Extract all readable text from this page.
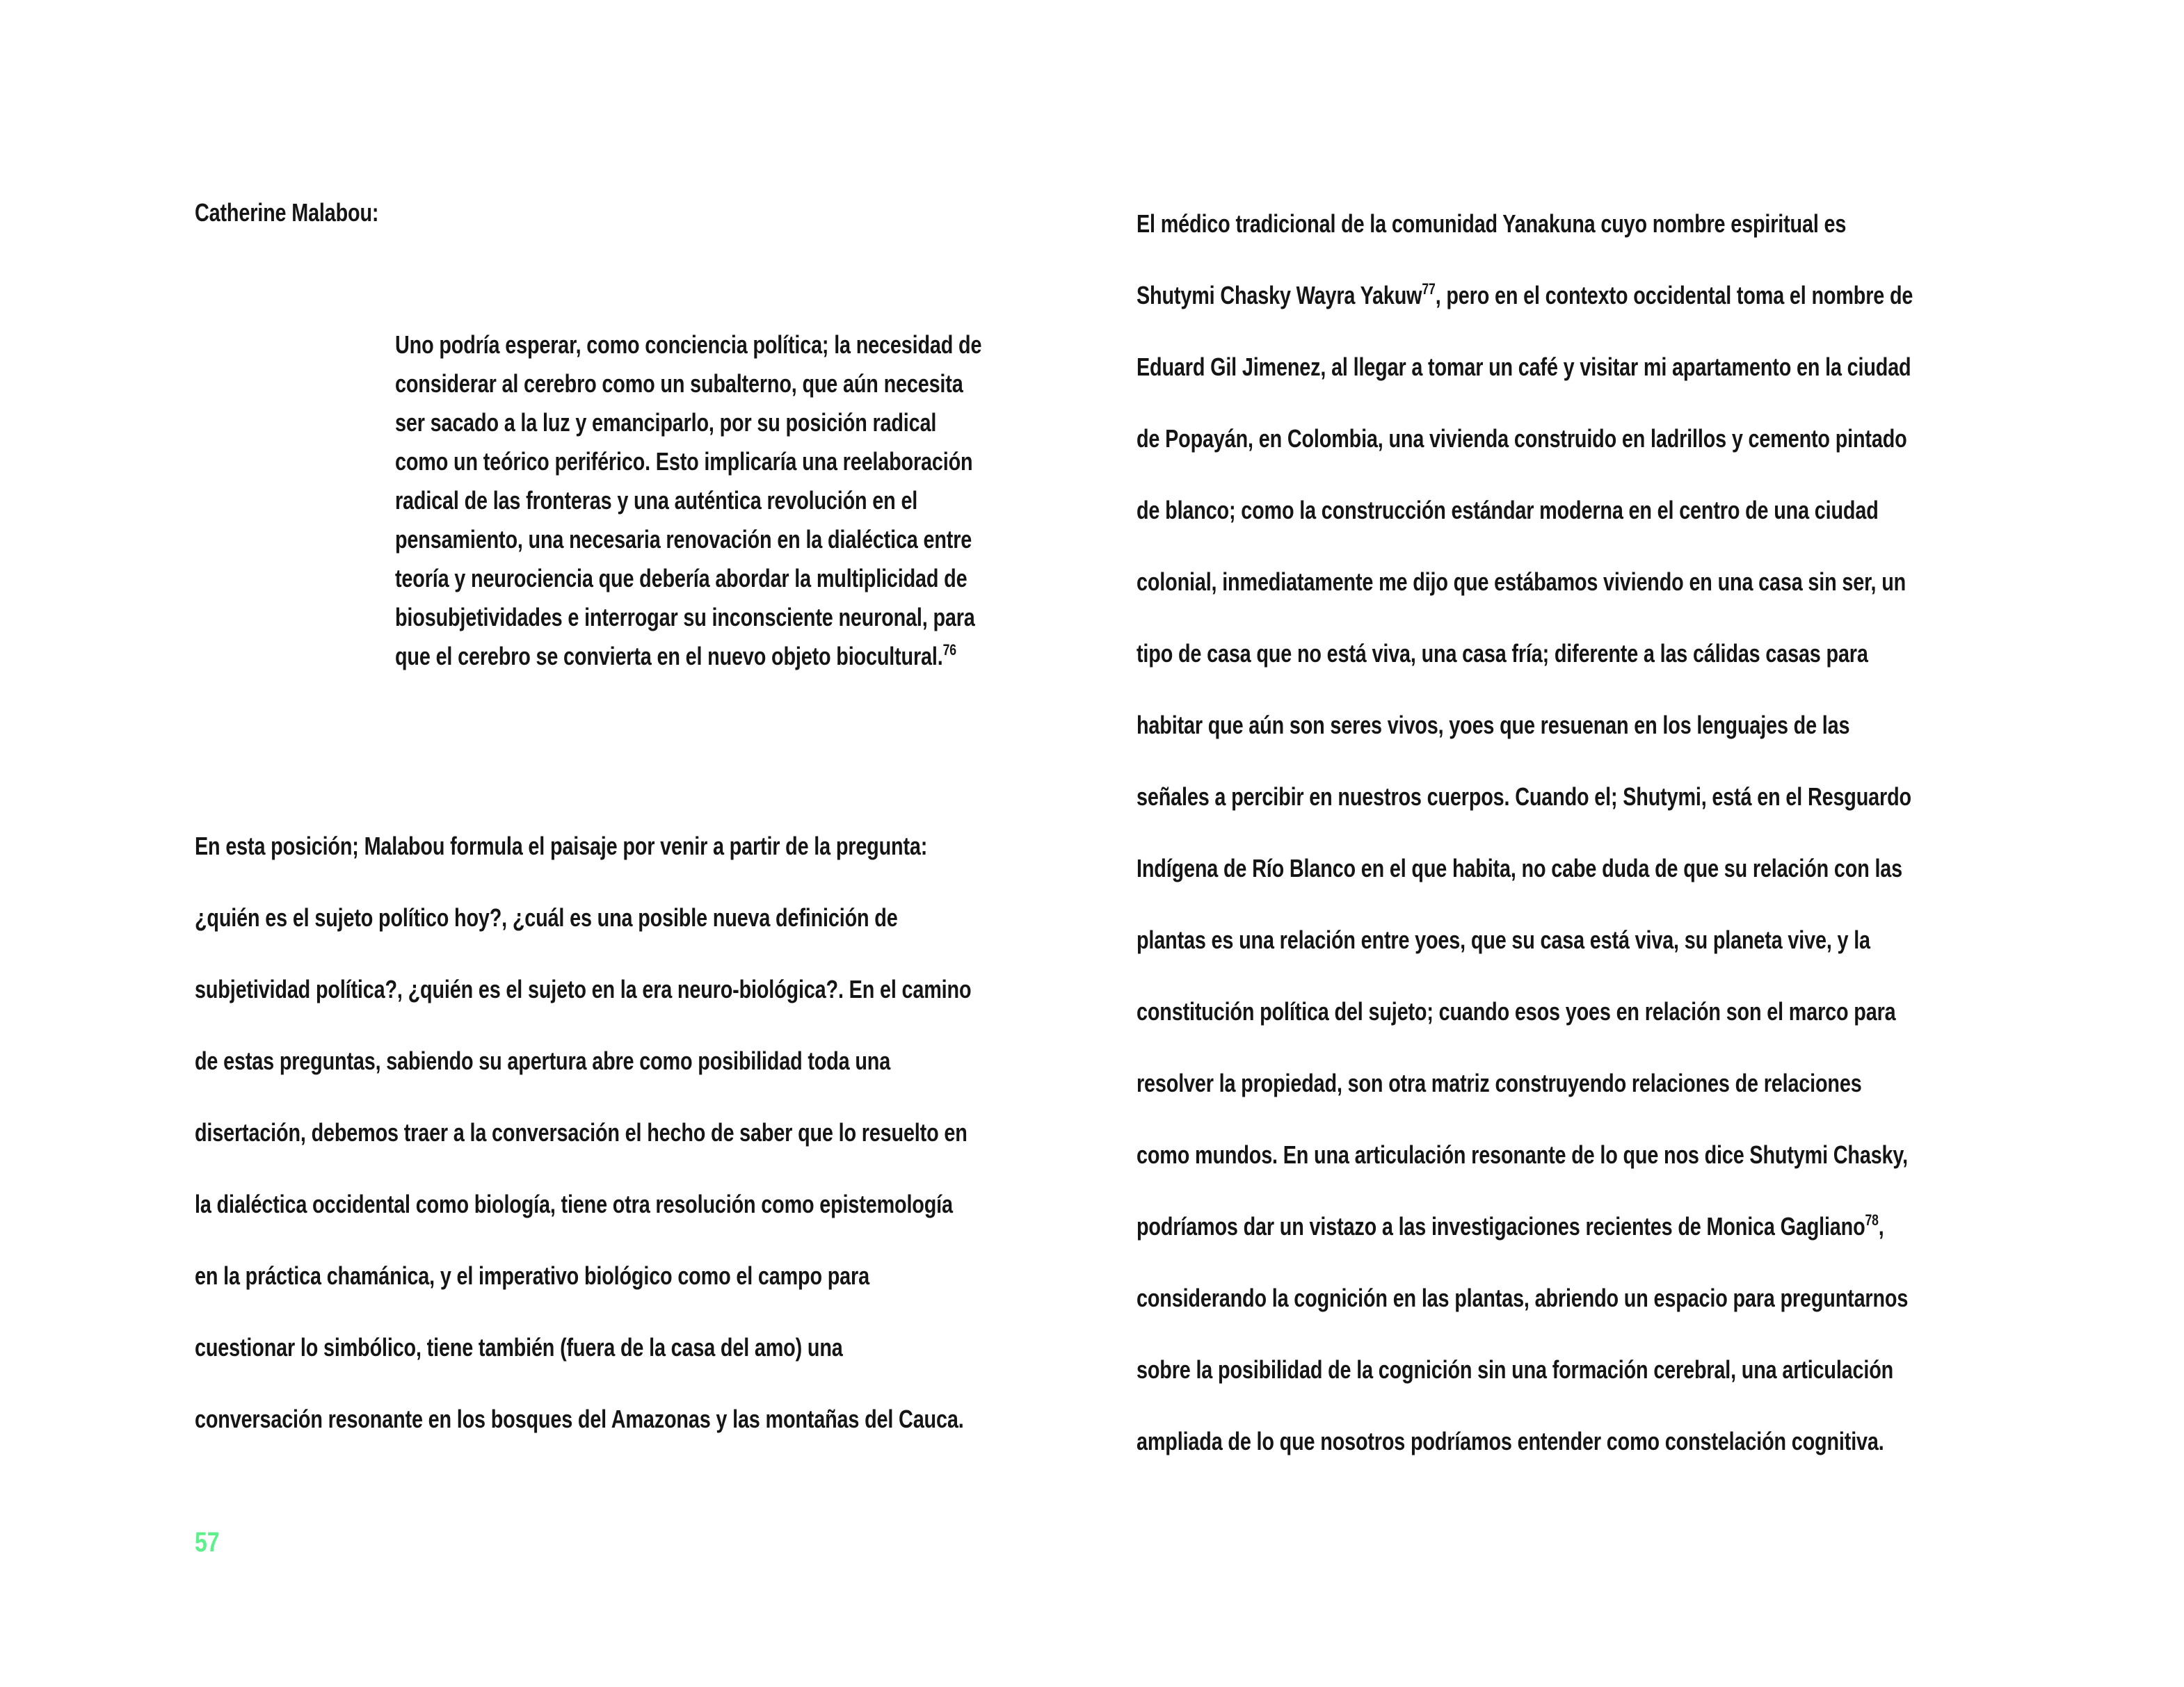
Catherine Malabou:

Uno podría esperar, como conciencia política; la necesidad de
considerar al cerebro como un subalterno, que aún necesita
ser sacado a la luz y emanciparlo, por su posición radical
como un teórico periférico. Esto implicaría una reelaboración
radical de las fronteras y una auténtica revolución en el
pensamiento, una necesaria renovación en la dialéctica entre
teoría y neurociencia que debería abordar la multiplicidad de
biosubjetividades e interrogar su inconsciente neuronal, para
que el cerebro se convierta en el nuevo objeto biocultural.$^{76}$
En esta posición; Malabou formula el paisaje por venir a partir de la pregunta:
¿quién es el sujeto político hoy?, ¿cuál es una posible nueva definición de
subjetividad política?, ¿quién es el sujeto en la era neuro-biológica?. En el camino
de estas preguntas, sabiendo su apertura abre como posibilidad toda una
disertación, debemos traer a la conversación el hecho de saber que lo resuelto en
la dialéctica occidental como biología, tiene otra resolución como epistemología
en la práctica chamánica, y el imperativo biológico como el campo para
cuestionar lo simbólico, tiene también (fuera de la casa del amo) una
conversación resonante en los bosques del Amazonas y las montañas del Cauca.
57
El médico tradicional de la comunidad Yanakuna cuyo nombre espiritual es
Shutymi Chasky Wayra Yakuw$^{77}$, pero en el contexto occidental toma el nombre de
Eduard Gil Jimenez, al llegar a tomar un café y visitar mi apartamento en la ciudad
de Popayán, en Colombia, una vivienda construido en ladrillos y cemento pintado
de blanco; como la construcción estándar moderna en el centro de una ciudad
colonial, inmediatamente me dijo que estábamos viviendo en una casa sin ser, un
tipo de casa que no está viva, una casa fría; diferente a las cálidas casas para
habitar que aún son seres vivos, yoes que resuenan en los lenguajes de las
señales a percibir en nuestros cuerpos. Cuando el; Shutymi, está en el Resguardo
Indígena de Río Blanco en el que habita, no cabe duda de que su relación con las
plantas es una relación entre yoes, que su casa está viva, su planeta vive, y la
constitución política del sujeto; cuando esos yoes en relación son el marco para
resolver la propiedad, son otra matriz construyendo relaciones de relaciones
como mundos. En una articulación resonante de lo que nos dice Shutymi Chasky,
podríamos dar un vistazo a las investigaciones recientes de Monica Gagliano$^{78}$,
considerando la cognición en las plantas, abriendo un espacio para preguntarnos
sobre la posibilidad de la cognición sin una formación cerebral, una articulación
ampliada de lo que nosotros podríamos entender como constelación cognitiva.
